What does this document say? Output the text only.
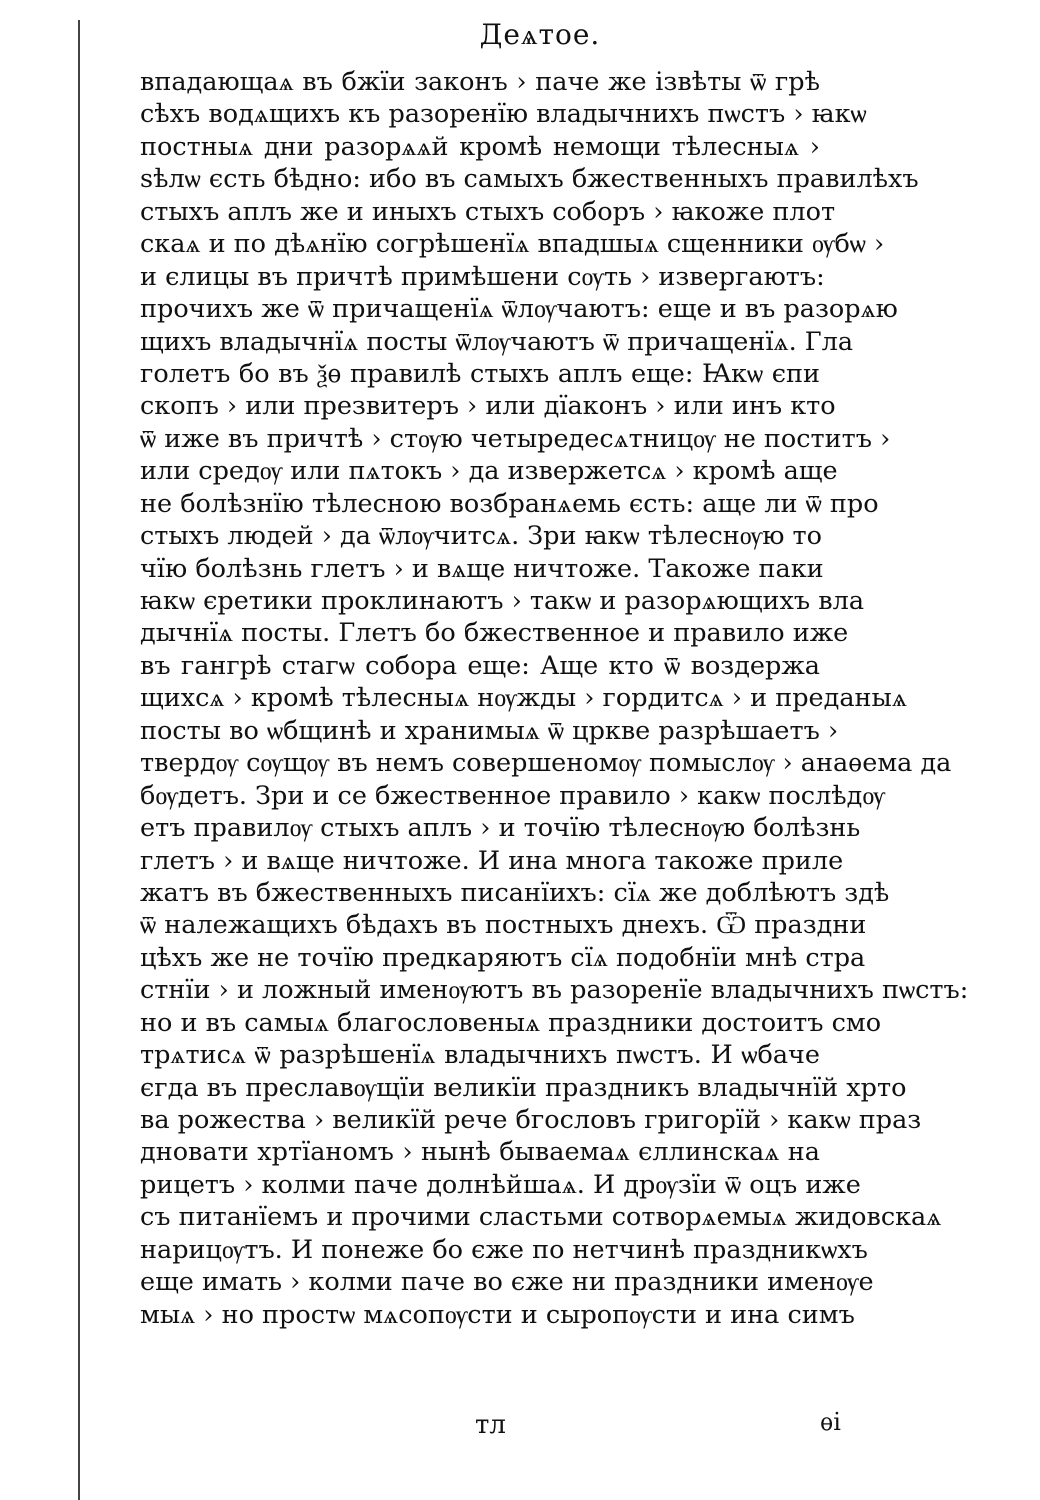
Деѧтое.
впадающаѧ въ бжїи законъ › паче же ізвѣты ѿ грѣ
сѣхъ водѧщихъ къ разоренїю владычнихъ пѡстъ › ꙗкѡ
постныѧ дни разорѧѧй кромѣ немощи тѣлесныѧ ›
ѕѣлѡ єсть бѣдно: ибо въ самыхъ бжественныхъ правилѣхъ
стыхъ аплъ же и иныхъ стыхъ соборъ › ꙗкоже плот
скаѧ и по дѣѧнїю согрѣшенїѧ впадшыѧ сщенники ѹбѡ ›
и єлицы въ причтѣ примѣшени сѹть › извергаютъ:
прочихъ же ѿ причащенїѧ ѿлѹчаютъ: еще и въ разорѧю
щихъ владычнїѧ посты ѿлѹчаютъ ѿ причащенїѧ. Гла
голетъ бо въ ѯѳ правилѣ стыхъ аплъ еще: Ꙗкѡ єпи
скопъ › или презвитеръ › или дїаконъ › или инъ кто
ѿ иже въ причтѣ › стѹю четыредесѧтницѹ не поститъ ›
или средѹ или пѧтокъ › да извержетсѧ › кромѣ аще
не болѣзнїю тѣлесною возбранѧемь єсть: аще ли ѿ про
стыхъ людей › да ѿлѹчитсѧ. Зри ꙗкѡ тѣлеснѹю то
чїю болѣзнь глетъ › и вѧще ничтоже. Такоже паки
ꙗкѡ єретики проклинаютъ › такѡ и разорѧющихъ вла
дычнїѧ посты. Глетъ бо бжественное и правило иже
въ гангрѣ стагѡ собора еще: Аще кто ѿ воздержа
щихсѧ › кромѣ тѣлесныѧ нѹжды › гордитсѧ › и преданыѧ
посты во ѡбщинѣ и хранимыѧ ѿ цркве разрѣшаетъ ›
твердѹ сѹщѹ въ немъ совершеномѹ помыслѹ › анаѳема да
бѹдетъ. Зри и се бжественное правило › какѡ послѣдѹ
етъ правилѹ стыхъ аплъ › и точїю тѣлеснѹю болѣзнь
глетъ › и вѧще ничтоже. И ина многа такоже приле
жатъ въ бжественныхъ писанїихъ: сїѧ же доблѣютъ здѣ
ѿ належащихъ бѣдахъ въ постныхъ днехъ. Ѿ праздни
цѣхъ же не точїю предкаряютъ сїѧ подобнїи мнѣ стра
стнїи › и ложный именѹютъ въ разоренїе владычнихъ пѡстъ:
но и въ самыѧ благословеныѧ праздники достоитъ смо
трѧтисѧ ѿ разрѣшенїѧ владычнихъ пѡстъ. И ѡбаче
єгда въ преславѹщїи великїи праздникъ владычнїй хрто
ва рожества › великїй рече бгословъ григорїй › какѡ праз
дновати хртїаномъ › нынѣ бываемаѧ єллинскаѧ на
рицетъ › колми паче долнѣйшаѧ. И дрѹзїи ѿ оцъ иже
съ питанїемъ и прочими сластьми сотворѧемыѧ жидовскаѧ
нарицѹтъ. И понеже бо єже по нетчинѣ праздникѡхъ
еще имать › колми паче во єже ни праздники именѹе
мыѧ › но простѡ мѧсопѹсти и сыропѹсти и ина симъ
тл	ѳі
